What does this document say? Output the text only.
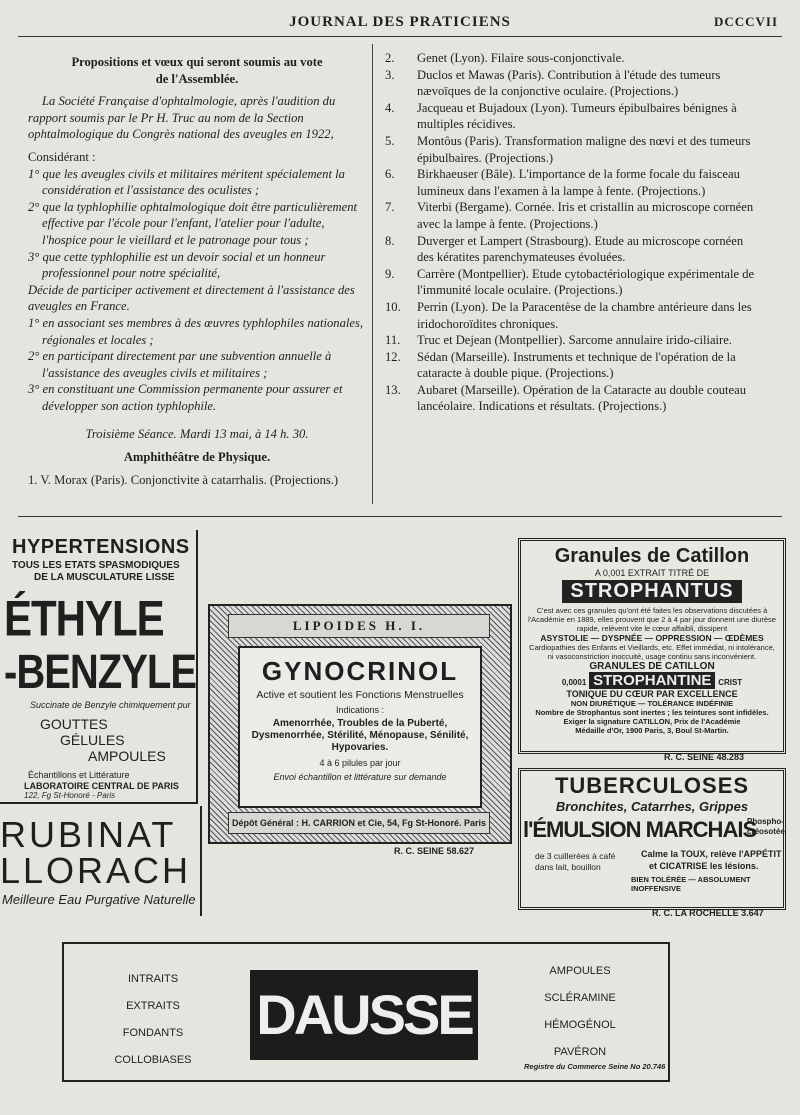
JOURNAL DES PRATICIENS	DCCCVII

Propositions et vœux qui seront soumis au vote

de l'Assemblée.

La Société Française d'ophtalmologie, après l'audition du rapport soumis par le Pr H. Truc au nom de la Section ophtalmologique du Congrès national des aveugles en 1922,

Considérant :

1° que les aveugles civils et militaires méritent spécialement la considération et l'assistance des oculistes ;

2° que la typhlophilie ophtalmologique doit être particulièrement effective par l'école pour l'enfant, l'atelier pour l'adulte, l'hospice pour le vieillard et le patronage pour tous ;

3° que cette typhlophilie est un devoir social et un honneur professionnel pour notre spécialité,

Décide de participer activement et directement à l'assistance des aveugles en France.

1° en associant ses membres à des œuvres typhlophiles nationales, régionales et locales ;

2° en participant directement par une subvention annuelle à l'assistance des aveugles civils et militaires ;

3° en constituant une Commission permanente pour assurer et développer son action typhlophile.

Troisième Séance. Mardi 13 mai, à 14 h. 30.

Amphithéâtre de Physique.

1. V. Morax (Paris). Conjonctivite à catarrhalis. (Projections.)

2. Genet (Lyon). Filaire sous-conjonctivale.

3. Duclos et Mawas (Paris). Contribution à l'étude des tumeurs nævoïques de la conjonctive oculaire. (Projections.)

4. Jacqueau et Bujadoux (Lyon). Tumeurs épibulbaires bénignes à multiples récidives.

5. Montôus (Paris). Transformation maligne des nœvi et des tumeurs épibulbaires. (Projections.)

6. Birkhaeuser (Bâle). L'importance de la forme focale du faisceau lumineux dans l'examen à la lampe à fente. (Projections.)

7. Viterbi (Bergame). Cornée. Iris et cristallin au microscope cornéen avec la lampe à fente. (Projections.)

8. Duverger et Lampert (Strasbourg). Etude au microscope cornéen des kératites parenchymateuses évoluées.

9. Carrère (Montpellier). Etude cytobactériologique expérimentale de l'immunité locale oculaire. (Projections.)

10. Perrin (Lyon). De la Paracentèse de la chambre antérieure dans les iridochoroïdites chroniques.

11. Truc et Dejean (Montpellier). Sarcome annulaire irido-ciliaire.

12. Sédan (Marseille). Instruments et technique de l'opération de la cataracte à double pique. (Projections.)

13. Aubaret (Marseille). Opération de la Cataracte au double couteau lancéolaire. Indications et résultats. (Projections.)

HYPERTENSIONS
TOUS LES ETATS SPASMODIQUES
DE LA MUSCULATURE LISSE
ÉTHYLE
-BENZYLE
Succinate de Benzyle chimiquement pur
GOUTTES
GÉLULES
AMPOULES
Échantillons et Littérature
LABORATOIRE CENTRAL DE PARIS
122, Fg St-Honoré - Paris
RUBINAT
LLORACH
Meilleure Eau Purgative Naturelle
LIPOIDES H. I.
GYNOCRINOL
Active et soutient les Fonctions Menstruelles
Indications :
Amenorrhée, Troubles de la Puberté, Dysmenorrhée, Stérilité, Ménopause, Sénilité, Hypovaries.
4 à 6 pilules par jour
Envoi échantillon et littérature sur demande
Dépôt Général : H. CARRION et Cie, 54, Fg St-Honoré. Paris
R. C. SEINE 58.627
Granules de Catillon
A 0,001 EXTRAIT TITRÉ DE
STROPHANTUS
C'est avec ces granules qu'ont été faites les observations discutées à l'Académie en 1889, elles prouvent que 2 à 4 par jour donnent une diurèse rapide, relèvent vite le cœur affaibli, dissipent
ASYSTOLIE — DYSPNÉE — OPPRESSION — ŒDÈMES
Cardiopathies des Enfants et Vieillards, etc. Effet immédiat, ni intolérance, ni vasoconstriction inoccuité, usage continu sans inconvénient.
GRANULES DE CATILLON
0,0001 STROPHANTINE CRIST
TONIQUE DU CŒUR PAR EXCELLENCE
NON DIURÉTIQUE — TOLÉRANCE INDÉFINIE
Nombre de Strophantus sont inertes ; les teintures sont infidèles.
Exiger la signature CATILLON, Prix de l'Académie
Médaille d'Or, 1900 Paris, 3, Boul St-Martin.
R. C. SEINE 48.283
TUBERCULOSES
Bronchites, Catarrhes, Grippes
l'ÉMULSION MARCHAIS
Phospho-créosotée
de 3 cuillerées à café dans lait, bouillon
Calme la TOUX, relève l'APPÉTIT
et CICATRISE les lésions.
BIEN TOLÉRÉE — ABSOLUMENT INOFFENSIVE
R. C. LA ROCHELLE 3.647
INTRAITS
EXTRAITS
FONDANTS
COLLOBIASES
DAUSSE
AMPOULES
SCLÉRAMINE
HÉMOGÉNOL
PAVÉRON
Registre du Commerce Seine No 20.746
